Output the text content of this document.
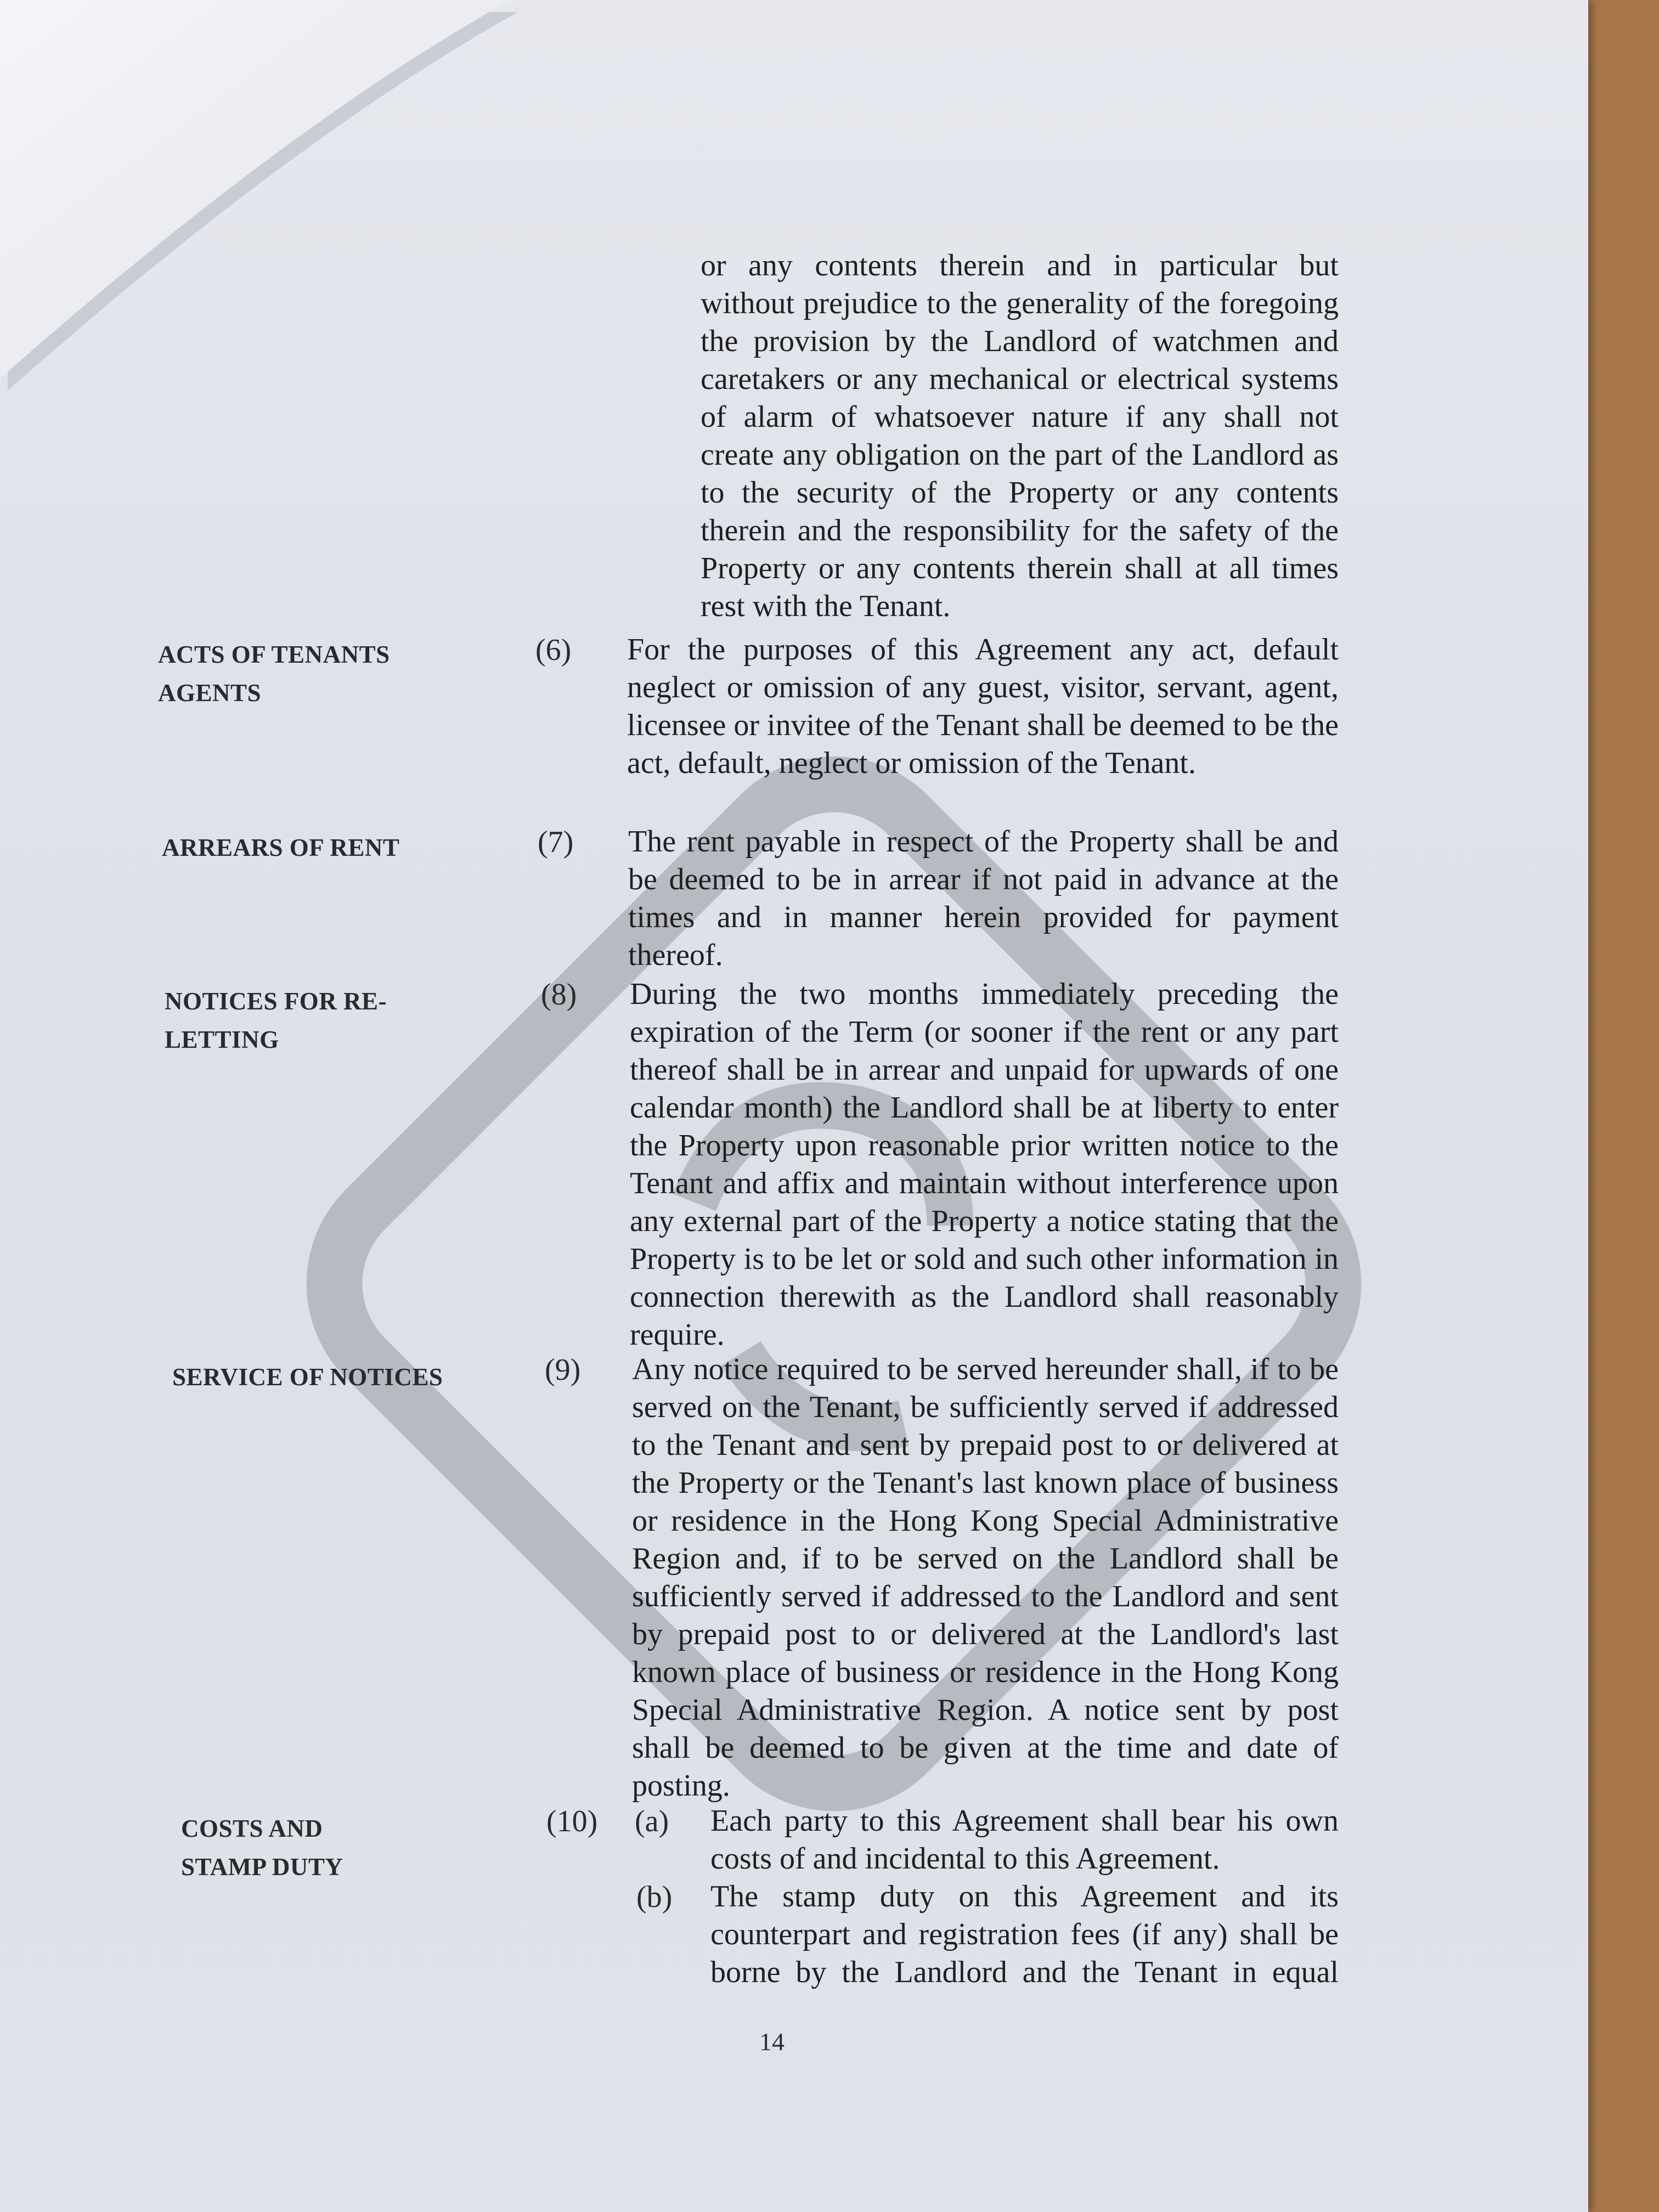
or any contents therein and in particular but without prejudice to the generality of the foregoing the provision by the Landlord of watchmen and caretakers or any mechanical or electrical systems of alarm of whatsoever nature if any shall not create any obligation on the part of the Landlord as to the security of the Property or any contents therein and the responsibility for the safety of the Property or any contents therein shall at all times rest with the Tenant.

ACTS OF TENANTS
AGENTS
(6) For the purposes of this Agreement any act, default neglect or omission of any guest, visitor, servant, agent, licensee or invitee of the Tenant shall be deemed to be the act, default, neglect or omission of the Tenant.

ARREARS OF RENT	(7) The rent payable in respect of the Property shall be and be deemed to be in arrear if not paid in advance at the times and in manner herein provided for payment thereof.

NOTICES FOR RE-
LETTING
(8) During the two months immediately preceding the expiration of the Term (or sooner if the rent or any part thereof shall be in arrear and unpaid for upwards of one calendar month) the Landlord shall be at liberty to enter the Property upon reasonable prior written notice to the Tenant and affix and maintain without interference upon any external part of the Property a notice stating that the Property is to be let or sold and such other information in connection therewith as the Landlord shall reasonably require.

SERVICE OF NOTICES	(9) Any notice required to be served hereunder shall, if to be served on the Tenant, be sufficiently served if addressed to the Tenant and sent by prepaid post to or delivered at the Property or the Tenant's last known place of business or residence in the Hong Kong Special Administrative Region and, if to be served on the Landlord shall be sufficiently served if addressed to the Landlord and sent by prepaid post to or delivered at the Landlord's last known place of business or residence in the Hong Kong Special Administrative Region. A notice sent by post shall be deemed to be given at the time and date of posting.

COSTS AND
STAMP DUTY
(10) (a) Each party to this Agreement shall bear his own costs of and incidental to this Agreement.

(b) The stamp duty on this Agreement and its counterpart and registration fees (if any) shall be borne by the Landlord and the Tenant in equal

14
